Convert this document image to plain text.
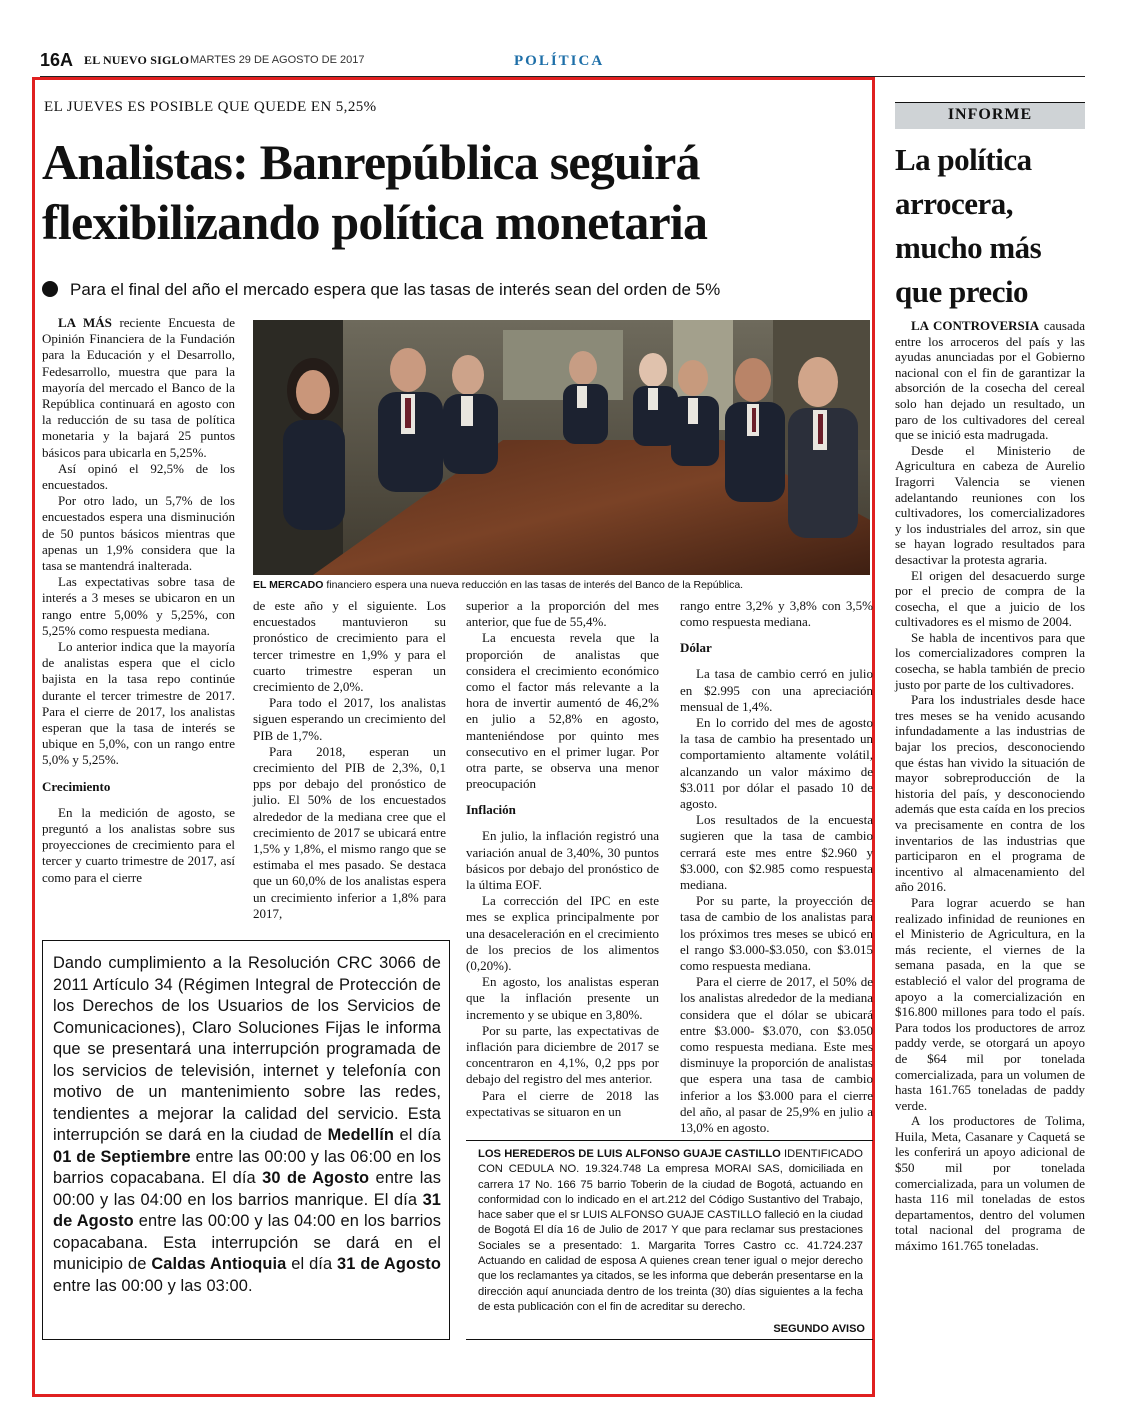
16A EL NUEVO SIGLO MARTES 29 DE AGOSTO DE 2017	POLÍTICA
EL JUEVES ES POSIBLE QUE QUEDE EN 5,25%
Analistas: Banrepública seguirá flexibilizando política monetaria
Para el final del año el mercado espera que las tasas de interés sean del orden de 5%

LA MÁS reciente Encuesta de Opinión Financiera de la Fundación para la Educación y el Desarrollo, Fedesarrollo, muestra que para la mayoría del mercado el Banco de la República continuará en agosto con la reducción de su tasa de política monetaria y la bajará 25 puntos básicos para ubicarla en 5,25%.

Así opinó el 92,5% de los encuestados.

Por otro lado, un 5,7% de los encuestados espera una disminución de 50 puntos básicos mientras que apenas un 1,9% considera que la tasa se mantendrá inalterada.

Las expectativas sobre tasa de interés a 3 meses se ubicaron en un rango entre 5,00% y 5,25%, con 5,25% como respuesta mediana.

Lo anterior indica que la mayoría de analistas espera que el ciclo bajista en la tasa repo continúe durante el tercer trimestre de 2017. Para el cierre de 2017, los analistas esperan que la tasa de interés se ubique en 5,0%, con un rango entre 5,0% y 5,25%.

Crecimiento

En la medición de agosto, se preguntó a los analistas sobre sus proyecciones de crecimiento para el tercer y cuarto trimestre de 2017, así como para el cierre

EL MERCADO financiero espera una nueva reducción en las tasas de interés del Banco de la República.

de este año y el siguiente. Los encuestados mantuvieron su pronóstico de crecimiento para el tercer trimestre en 1,9% y para el cuarto trimestre esperan un crecimiento de 2,0%.

Para todo el 2017, los analistas siguen esperando un crecimiento del PIB de 1,7%.

Para 2018, esperan un crecimiento del PIB de 2,3%, 0,1 pps por debajo del pronóstico de julio. El 50% de los encuestados alrededor de la mediana cree que el crecimiento de 2017 se ubicará entre 1,5% y 1,8%, el mismo rango que se estimaba el mes pasado. Se destaca que un 60,0% de los analistas espera un crecimiento inferior a 1,8% para 2017,

superior a la proporción del mes anterior, que fue de 55,4%.

La encuesta revela que la proporción de analistas que considera el crecimiento económico como el factor más relevante a la hora de invertir aumentó de 46,2% en julio a 52,8% en agosto, manteniéndose por quinto mes consecutivo en el primer lugar. Por otra parte, se observa una menor preocupación

Inflación

En julio, la inflación registró una variación anual de 3,40%, 30 puntos básicos por debajo del pronóstico de la última EOF.

La corrección del IPC en este mes se explica principalmente por una desaceleración en el crecimiento de los precios de los alimentos (0,20%).

En agosto, los analistas esperan que la inflación presente un incremento y se ubique en 3,80%.

Por su parte, las expectativas de inflación para diciembre de 2017 se concentraron en 4,1%, 0,2 pps por debajo del registro del mes anterior.

Para el cierre de 2018 las expectativas se situaron en un

rango entre 3,2% y 3,8% con 3,5% como respuesta mediana.

Dólar

La tasa de cambio cerró en julio en $2.995 con una apreciación mensual de 1,4%.

En lo corrido del mes de agosto la tasa de cambio ha presentado un comportamiento altamente volátil, alcanzando un valor máximo de $3.011 por dólar el pasado 10 de agosto.

Los resultados de la encuesta sugieren que la tasa de cambio cerrará este mes entre $2.960 y $3.000, con $2.985 como respuesta mediana.

Por su parte, la proyección de tasa de cambio de los analistas para los próximos tres meses se ubicó en el rango $3.000-$3.050, con $3.015 como respuesta mediana.

Para el cierre de 2017, el 50% de los analistas alrededor de la mediana considera que el dólar se ubicará entre $3.000- $3.070, con $3.050 como respuesta mediana. Este mes disminuye la proporción de analistas que espera una tasa de cambio inferior a los $3.000 para el cierre del año, al pasar de 25,9% en julio a 13,0% en agosto.

Dando cumplimiento a la Resolución CRC 3066 de 2011 Artículo 34 (Régimen Integral de Protección de los Derechos de los Usuarios de los Servicios de Comunicaciones), Claro Soluciones Fijas le informa que se presentará una interrupción programada de los servicios de televisión, internet y telefonía con motivo de un mantenimiento sobre las redes, tendientes a mejorar la calidad del servicio. Esta interrupción se dará en la ciudad de Medellín el día 01 de Septiembre entre las 00:00 y las 06:00 en los barrios copacabana. El día 30 de Agosto entre las 00:00 y las 04:00 en los barrios manrique. El día 31 de Agosto entre las 00:00 y las 04:00 en los barrios copacabana. Esta interrupción se dará en el municipio de Caldas Antioquia el día 31 de Agosto entre las 00:00 y las 03:00.
LOS HEREDEROS DE LUIS ALFONSO GUAJE CASTILLO IDENTIFICADO CON CEDULA NO. 19.324.748 La empresa MORAI SAS, domiciliada en carrera 17 No. 166 75 barrio Toberin de la ciudad de Bogotá, actuando en conformidad con lo indicado en el art.212 del Código Sustantivo del Trabajo, hace saber que el sr LUIS ALFONSO GUAJE CASTILLO falleció en la ciudad de Bogotá El día 16 de Julio de 2017 Y que para reclamar sus prestaciones Sociales se a presentado: 1. Margarita Torres Castro cc. 41.724.237 Actuando en calidad de esposa A quienes crean tener igual o mejor derecho que los reclamantes ya citados, se les informa que deberán presentarse en la dirección aquí anunciada dentro de los treinta (30) días siguientes a la fecha de esta publicación con el fin de acreditar su derecho.
SEGUNDO AVISO
INFORME
La política arrocera, mucho más que precio

LA CONTROVERSIA causada entre los arroceros del país y las ayudas anunciadas por el Gobierno nacional con el fin de garantizar la absorción de la cosecha del cereal solo han dejado un resultado, un paro de los cultivadores del cereal que se inició esta madrugada.

Desde el Ministerio de Agricultura en cabeza de Aurelio Iragorri Valencia se vienen adelantando reuniones con los cultivadores, los comercializadores y los industriales del arroz, sin que se hayan logrado resultados para desactivar la protesta agraria.

El origen del desacuerdo surge por el precio de compra de la cosecha, el que a juicio de los cultivadores es el mismo de 2004.

Se habla de incentivos para que los comercializadores compren la cosecha, se habla también de precio justo por parte de los cultivadores.

Para los industriales desde hace tres meses se ha venido acusando infundadamente a las industrias de bajar los precios, desconociendo que éstas han vivido la situación de mayor sobreproducción de la historia del país, y desconociendo además que esta caída en los precios va precisamente en contra de los inventarios de las industrias que participaron en el programa de incentivo al almacenamiento del año 2016.

Para lograr acuerdo se han realizado infinidad de reuniones en el Ministerio de Agricultura, en la más reciente, el viernes de la semana pasada, en la que se estableció el valor del programa de apoyo a la comercialización en $16.800 millones para todo el país. Para todos los productores de arroz paddy verde, se otorgará un apoyo de $64 mil por tonelada comercializada, para un volumen de hasta 161.765 toneladas de paddy verde.

A los productores de Tolima, Huila, Meta, Casanare y Caquetá se les conferirá un apoyo adicional de $50 mil por tonelada comercializada, para un volumen de hasta 116 mil toneladas de estos departamentos, dentro del volumen total nacional del programa de máximo 161.765 toneladas.
